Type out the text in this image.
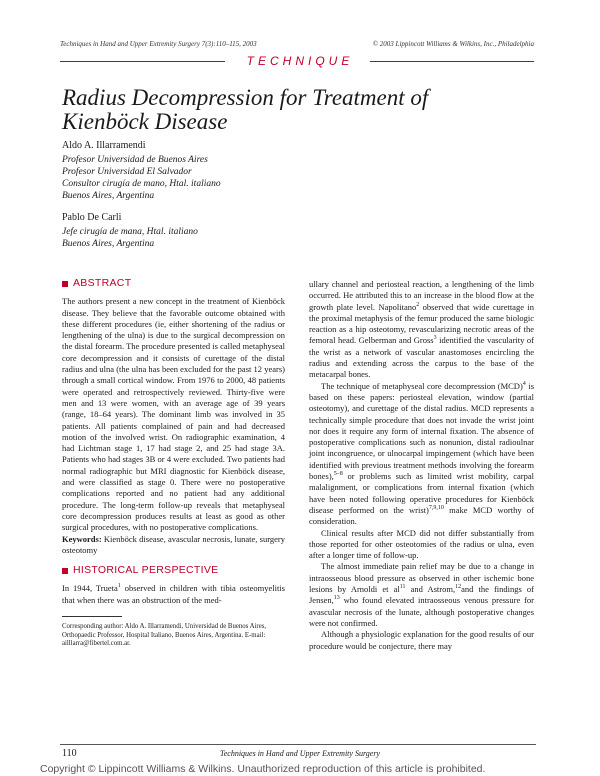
Techniques in Hand and Upper Extremity Surgery 7(3):110–115, 2003	© 2003 Lippincott Williams & Wilkins, Inc., Philadelphia
TECHNIQUE
Radius Decompression for Treatment of Kienböck Disease
Aldo A. Illarramendi
Profesor Universidad de Buenos Aires
Profesor Universidad El Salvador
Consultor cirugía de mano, Htal. italiano
Buenos Aires, Argentina
Pablo De Carli
Jefe cirugía de mana, Htal. italiano
Buenos Aires, Argentina
ABSTRACT

The authors present a new concept in the treatment of Kienböck disease. They believe that the favorable outcome obtained with these different procedures (ie, either shortening of the radius or lengthening of the ulna) is due to the surgical decompression on the distal forearm. The procedure presented is called metaphyseal core decompression and it consists of curettage of the distal radius and ulna (the ulna has been excluded for the past 12 years) through a small cortical window. From 1976 to 2000, 48 patients were operated and retrospectively reviewed. Thirty-five were men and 13 were women, with an average age of 39 years (range, 18–64 years). The dominant limb was involved in 35 patients. All patients complained of pain and had decreased motion of the involved wrist. On radiographic examination, 4 had Lichtman stage 1, 17 had stage 2, and 25 had stage 3A. Patients who had stages 3B or 4 were excluded. Two patients had normal radiographic but MRI diagnostic for Kienböck disease, and were classified as stage 0. There were no postoperative complications reported and no patient had any additional procedure. The long-term follow-up reveals that metaphyseal core decompression produces results at least as good as other surgical procedures, with no postoperative complications.

Keywords: Kienböck disease, avascular necrosis, lunate, surgery osteotomy

HISTORICAL PERSPECTIVE

In 1944, Trueta$^1$ observed in children with tibia osteomyelitis that when there was an obstruction of the med-

Corresponding author: Aldo A. Illarramendi, Universidad de Buenos Aires, Orthopaedic Professor, Hospital Italiano, Buenos Aires, Argentina. E-mail: ailllarra@fibertel.com.ar.

ullary channel and periosteal reaction, a lengthening of the limb occurred. He attributed this to an increase in the blood flow at the growth plate level. Napolitano$^2$ observed that wide curettage in the proximal metaphysis of the femur produced the same biologic reaction as a hip osteotomy, revascularizing necrotic areas of the femoral head. Gelberman and Gross$^3$ identified the vascularity of the wrist as a network of vascular anastomoses encircling the radius and extending across the carpus to the base of the metacarpal bones.

The technique of metaphyseal core decompression (MCD)$^4$ is based on these papers: periosteal elevation, window (partial osteotomy), and curettage of the distal radius. MCD represents a technically simple procedure that does not invade the wrist joint nor does it require any form of internal fixation. The absence of postoperative complications such as nonunion, distal radioulnar joint incongruence, or ulnocarpal impingement (which have been identified with previous treatment methods involving the forearm bones),$^{5-8}$ or problems such as limited wrist mobility, carpal malalignment, or complications from internal fixation (which have been noted following operative procedures for Kienböck disease performed on the wrist)$^{7,9,10}$ make MCD worthy of consideration.

Clinical results after MCD did not differ substantially from those reported for other osteotomies of the radius or ulna, even after a longer time of follow-up.

The almost immediate pain relief may be due to a change in intraosseous blood pressure as observed in other ischemic bone lesions by Arnoldi et $al^{11}$ and Astrom,$^{12}$and the findings of Jensen,$^{13}$ who found elevated intraosseous venous pressure for avascular necrosis of the lunate, although postoperative changes were not confirmed.

Although a physiologic explanation for the good results of our procedure would be conjecture, there may

110	Techniques in Hand and Upper Extremity Surgery
Copyright © Lippincott Williams & Wilkins. Unauthorized reproduction of this article is prohibited.
